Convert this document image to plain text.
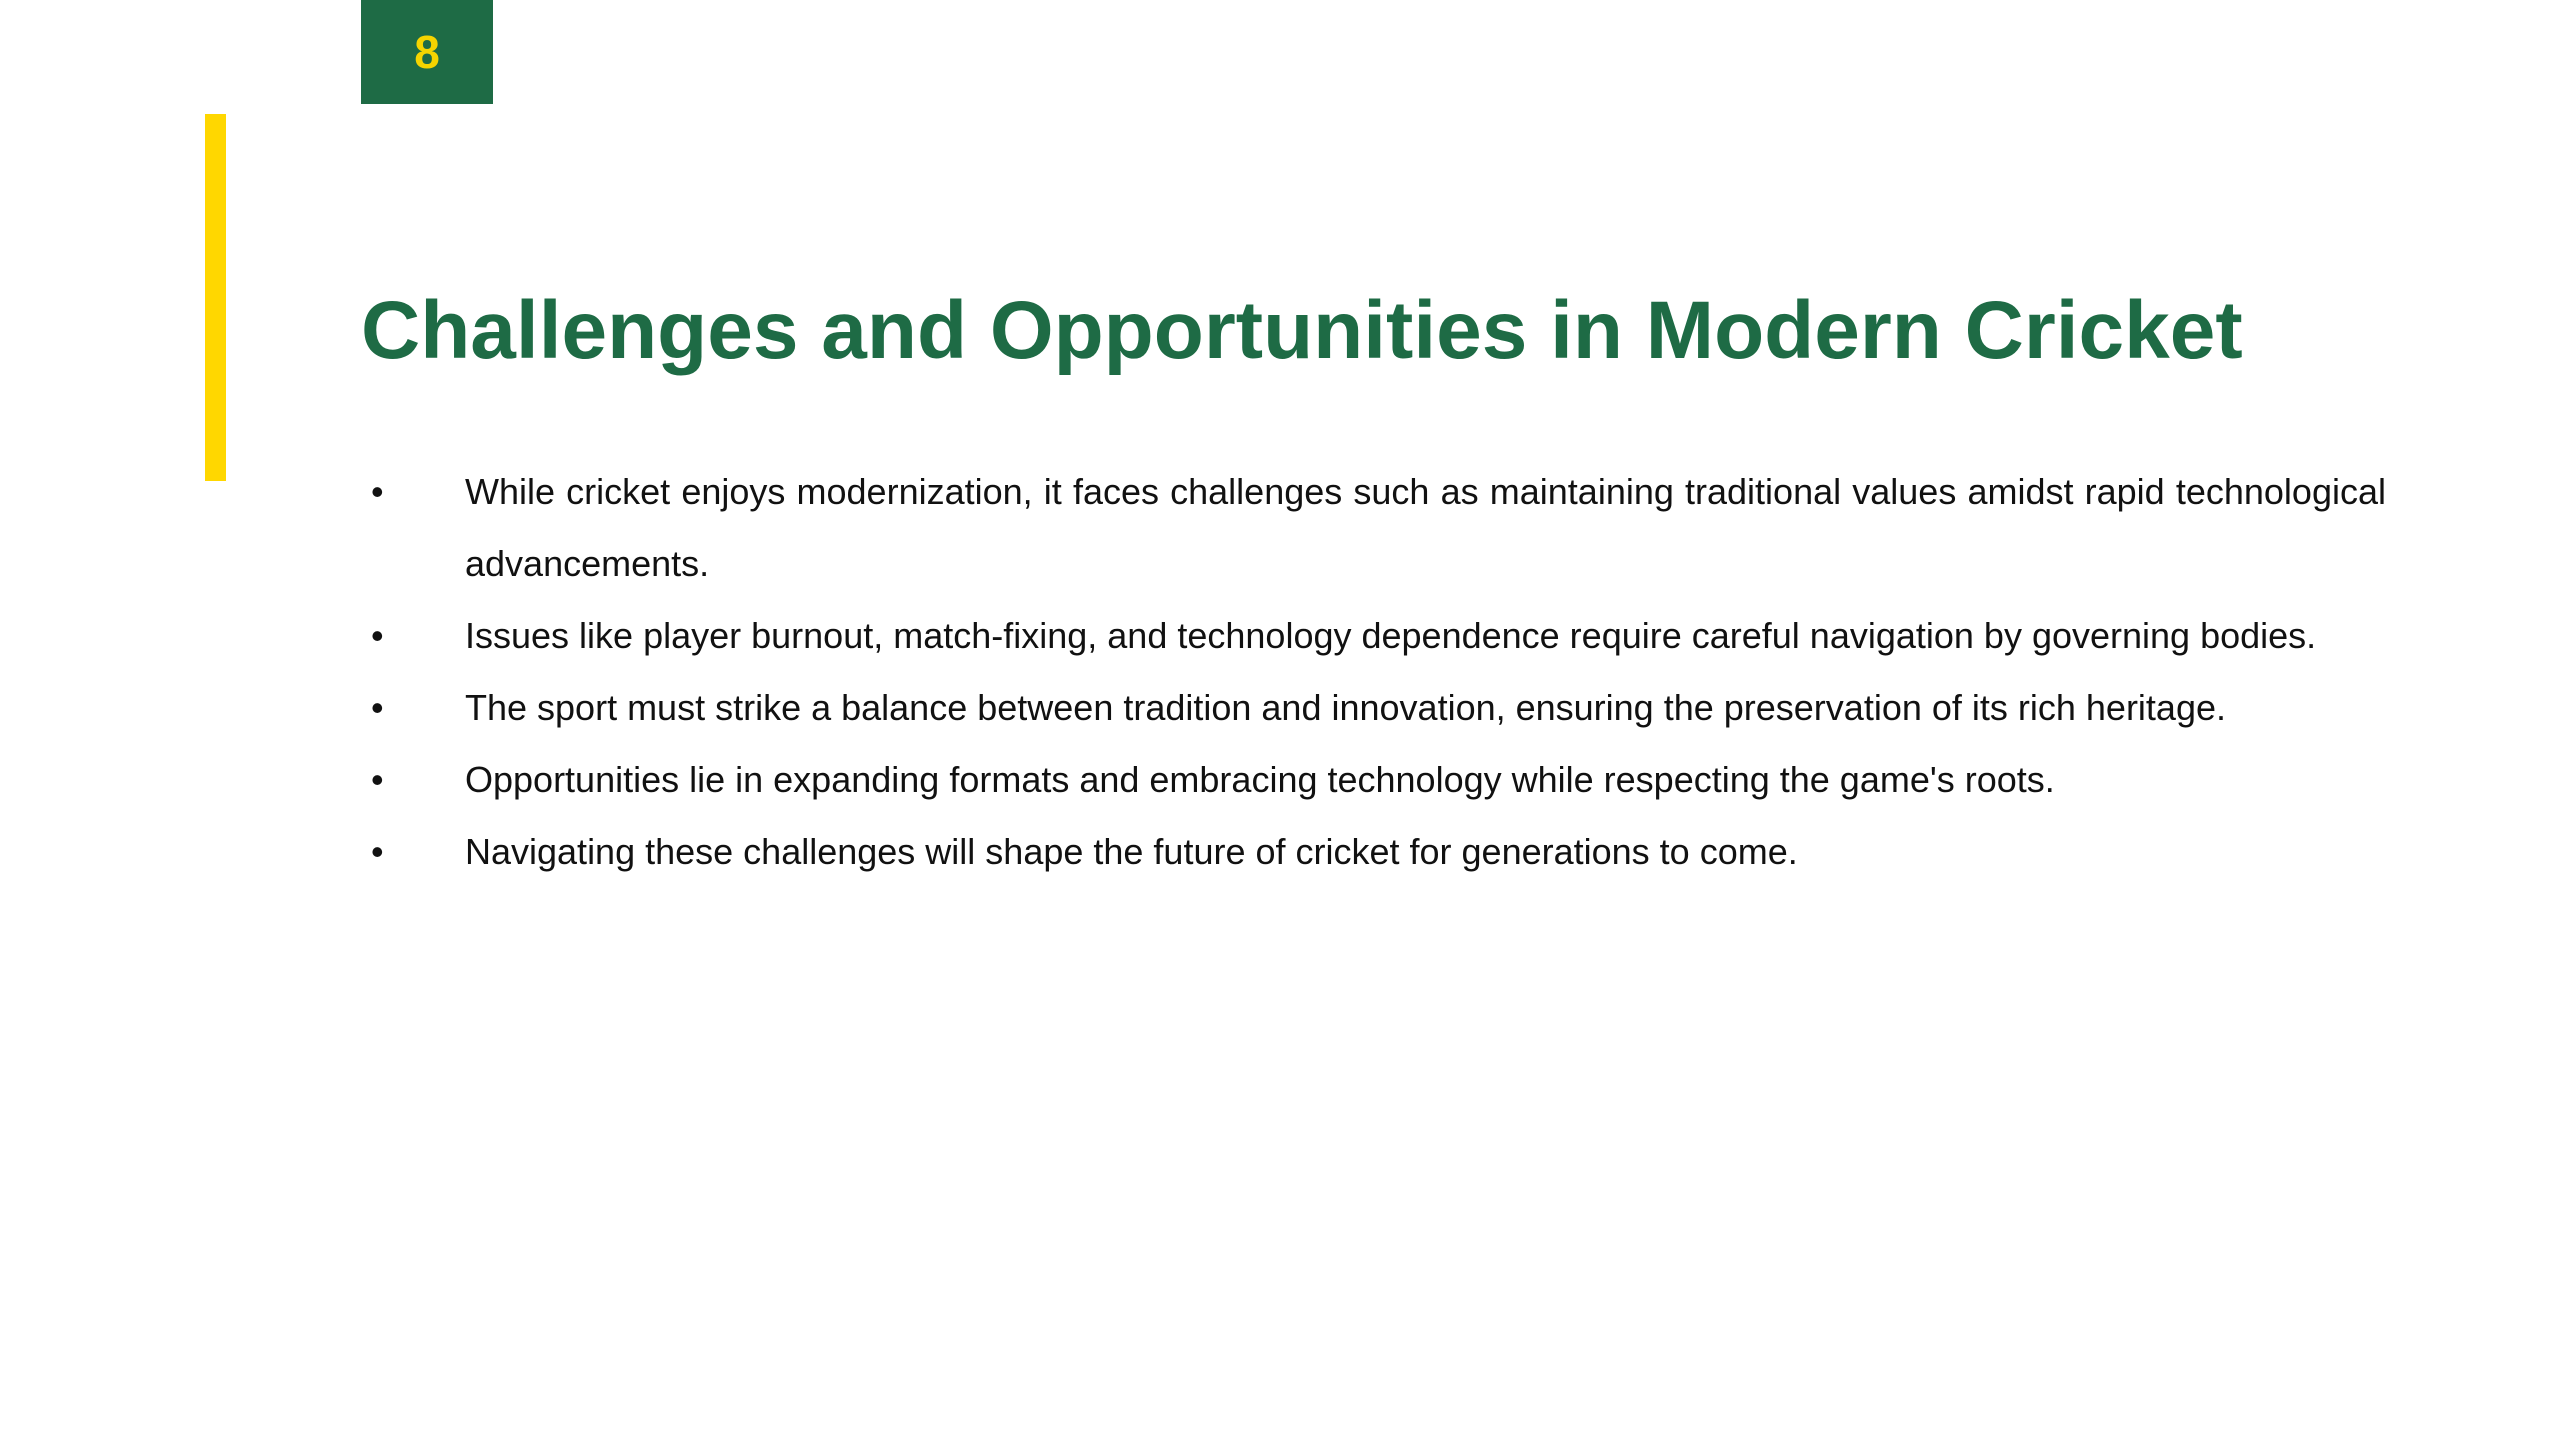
8
Challenges and Opportunities in Modern Cricket
• While cricket enjoys modernization, it faces challenges such as maintaining traditional values amidst rapid technological advancements.
• Issues like player burnout, match-fixing, and technology dependence require careful navigation by governing bodies.
• The sport must strike a balance between tradition and innovation, ensuring the preservation of its rich heritage.
• Opportunities lie in expanding formats and embracing technology while respecting the game's roots.
• Navigating these challenges will shape the future of cricket for generations to come.
